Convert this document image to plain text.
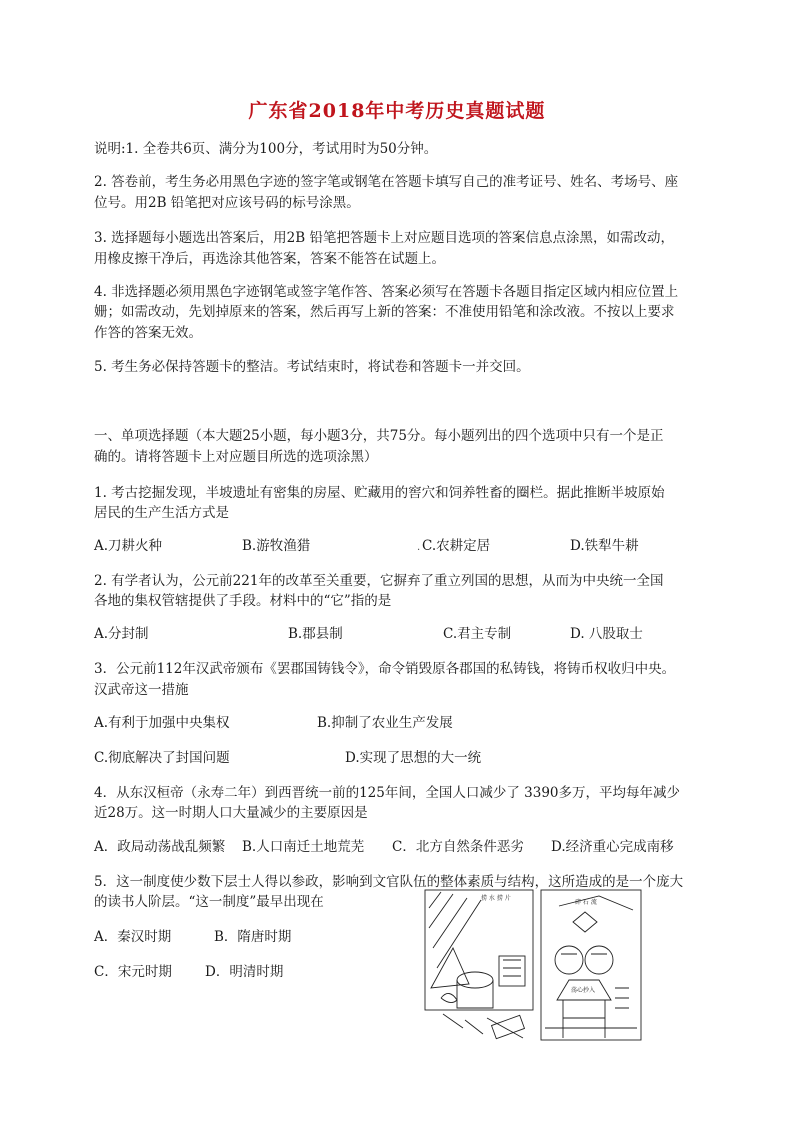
广东省2018年中考历史真题试题
说明:1. 全卷共6页、满分为100分，考试用时为50分钟。
2. 答卷前，考生务必用黑色字迹的签字笔或钢笔在答题卡填写自己的准考证号、姓名、考场号、座
位号。用2B 铅笔把对应该号码的标号涂黑。
3. 选择题每小题选出答案后，用2B 铅笔把答题卡上对应题目选项的答案信息点涂黑，如需改动，
用橡皮擦干净后，再选涂其他答案，答案不能答在试题上。
4. 非选择题必须用黑色字迹钢笔或签字笔作答、答案必须写在答题卡各题目指定区域内相应位置上
姗；如需改动，先划掉原来的答案，然后再写上新的答案：不准使用铅笔和涂改液。不按以上要求
作答的答案无效。
5. 考生务必保持答题卡的整洁。考试结束时，将试卷和答题卡一并交回。
一、单项选择题（本大题25小题，每小题3分，共75分。每小题列出的四个选项中只有一个是正
确的。请将答题卡上对应题目所选的选项涂黑）
1. 考古挖掘发现，半坡遗址有密集的房屋、贮藏用的窖穴和饲养牲畜的圈栏。据此推断半坡原始
居民的生产生活方式是
A.刀耕火种	B.游牧渔猎	. C.农耕定居	D.铁犁牛耕
2. 有学者认为，公元前221年的改革至关重要，它摒弃了重立列国的思想，从而为中央统一全国
各地的集权管辖提供了手段。材料中的“它”指的是
A.分封制	B.郡县制	C.君主专制	D. 八股取士
3．公元前112年汉武帝颁布《罢郡国铸钱令》，命令销毁原各郡国的私铸钱，将铸币权收归中央。
汉武帝这一措施
A.有利于加强中央集权	B.抑制了农业生产发展
C.彻底解决了封国问题	D.实现了思想的大一统
4．从东汉桓帝（永寿二年）到西晋统一前的125年间，全国人口减少了 3390多万，平均每年减少
近28万。这一时期人口大量减少的主要原因是
A．政局动荡战乱频繁 B.人口南迁土地荒芜 C．北方自然条件恶劣 D.经济重心完成南移
5．这一制度使少数下层士人得以参政，影响到文官队伍的整体素质与结构，这所造成的是一个庞大
的读书人阶层。“这一制度”最早出现在
A．秦汉时期	B．隋唐时期
C．宋元时期 D．明清时期
捞 水 捞 片
碎 石 流
荡心抄入
